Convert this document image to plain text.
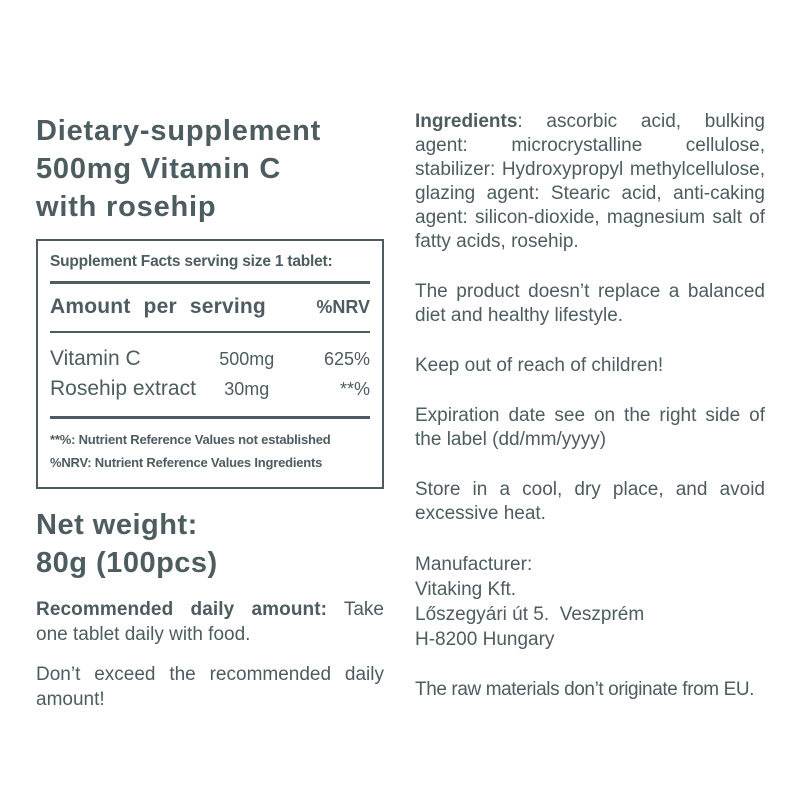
Dietary-supplement
500mg Vitamin C
with rosehip
Supplement Facts serving size 1 tablet:
Amount per serving	%NRV
Vitamin C	500mg	625%
Rosehip extract	30mg	**%
**%: Nutrient Reference Values not established
%NRV: Nutrient Reference Values Ingredients
Net weight:
80g (100pcs)

Recommended daily amount: Take one tablet daily with food.

Don’t exceed the recommended daily amount!

Ingredients: ascorbic acid, bulking agent: microcrystalline cellulose, stabilizer: Hydroxypropyl methylcellulose, glazing agent: Stearic acid, anti-caking agent: silicon-dioxide, magnesium salt of fatty acids, rosehip.

The product doesn’t replace a balanced diet and healthy lifestyle.

Keep out of reach of children!

Expiration date see on the right side of the label (dd/mm/yyyy)

Store in a cool, dry place, and avoid excessive heat.

Manufacturer:
Vitaking Kft.
Lőszegyári út 5.  Veszprém
H-8200 Hungary

The raw materials don’t originate from EU.
